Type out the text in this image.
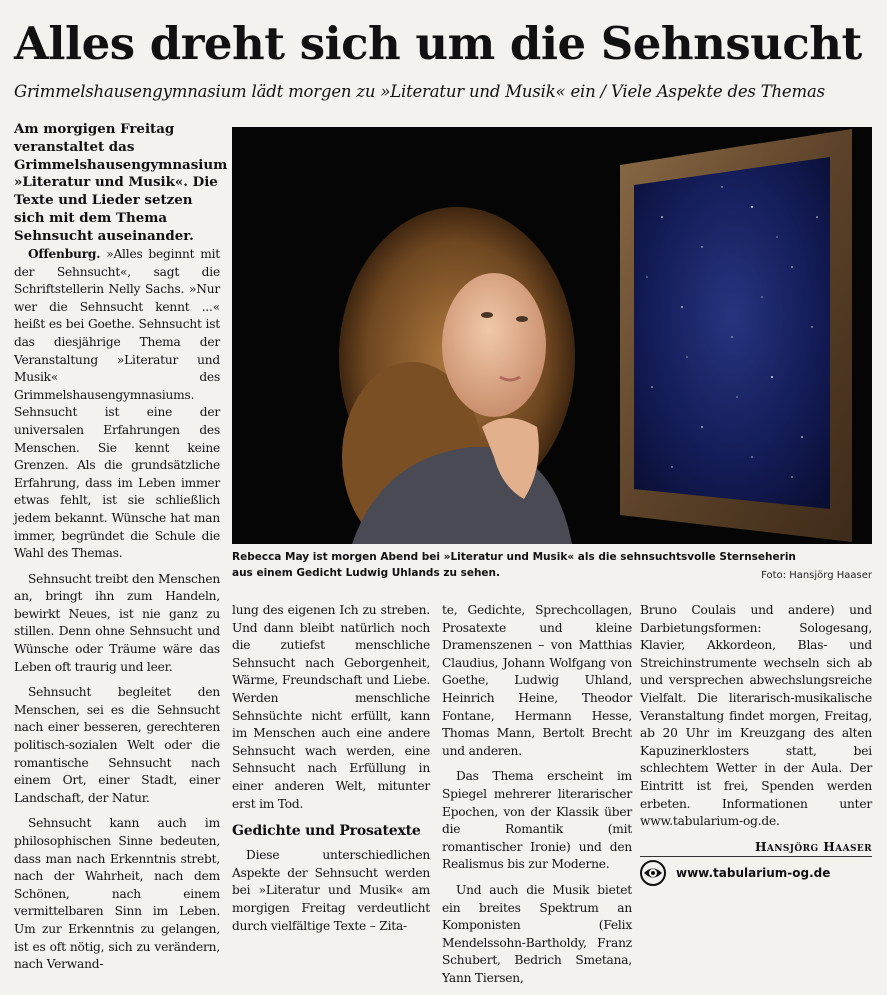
Alles dreht sich um die Sehnsucht
Grimmelshausengymnasium lädt morgen zu »Literatur und Musik« ein / Viele Aspekte des Themas
Am morgigen Freitag veranstaltet das Grimmelshausengymnasium »Literatur und Musik«. Die Texte und Lieder setzen sich mit dem Thema Sehnsucht auseinander.
Rebecca May ist morgen Abend bei »Literatur und Musik« als die sehnsuchtsvolle Sternseherin
aus einem Gedicht Ludwig Uhlands zu sehen.	Foto: Hansjörg Haaser

Offenburg. »Alles beginnt mit der Sehnsucht«, sagt die Schriftstellerin Nelly Sachs. »Nur wer die Sehnsucht kennt ...« heißt es bei Goethe. Sehnsucht ist das diesjährige Thema der Veranstaltung »Literatur und Musik« des Grimmelshausengymnasiums. Sehnsucht ist eine der universalen Erfahrungen des Menschen. Sie kennt keine Grenzen. Als die grundsätzliche Erfahrung, dass im Leben immer etwas fehlt, ist sie schließlich jedem bekannt. Wünsche hat man immer, begründet die Schule die Wahl des Themas.

Sehnsucht treibt den Menschen an, bringt ihn zum Handeln, bewirkt Neues, ist nie ganz zu stillen. Denn ohne Sehnsucht und Wünsche oder Träume wäre das Leben oft traurig und leer.

Sehnsucht begleitet den Menschen, sei es die Sehnsucht nach einer besseren, gerechteren politisch-sozialen Welt oder die romantische Sehnsucht nach einem Ort, einer Stadt, einer Landschaft, der Natur.

Sehnsucht kann auch im philosophischen Sinne bedeuten, dass man nach Erkenntnis strebt, nach der Wahrheit, nach dem Schönen, nach einem vermittelbaren Sinn im Leben. Um zur Erkenntnis zu gelangen, ist es oft nötig, sich zu verändern, nach Verwand-

lung des eigenen Ich zu streben. Und dann bleibt natürlich noch die zutiefst menschliche Sehnsucht nach Geborgenheit, Wärme, Freundschaft und Liebe. Werden menschliche Sehnsüchte nicht erfüllt, kann im Menschen auch eine andere Sehnsucht wach werden, eine Sehnsucht nach Erfüllung in einer anderen Welt, mitunter erst im Tod.

Gedichte und Prosatexte

Diese unterschiedlichen Aspekte der Sehnsucht werden bei »Literatur und Musik« am morgigen Freitag verdeutlicht durch vielfältige Texte – Zita-

te, Gedichte, Sprechcollagen, Prosatexte und kleine Dramenszenen – von Matthias Claudius, Johann Wolfgang von Goethe, Ludwig Uhland, Heinrich Heine, Theodor Fontane, Hermann Hesse, Thomas Mann, Bertolt Brecht und anderen.

Das Thema erscheint im Spiegel mehrerer literarischer Epochen, von der Klassik über die Romantik (mit romantischer Ironie) und den Realismus bis zur Moderne.

Und auch die Musik bietet ein breites Spektrum an Komponisten (Felix Mendelssohn-Bartholdy, Franz Schubert, Bedrich Smetana, Yann Tiersen,

Bruno Coulais und andere) und Darbietungsformen: Sologesang, Klavier, Akkordeon, Blas- und Streichinstrumente wechseln sich ab und versprechen abwechslungsreiche Vielfalt. Die literarisch-musikalische Veranstaltung findet morgen, Freitag, ab 20 Uhr im Kreuzgang des alten Kapuzinerklosters statt, bei schlechtem Wetter in der Aula. Der Eintritt ist frei, Spenden werden erbeten. Informationen unter www.tabularium-og.de.

Hansjörg Haaser
www.tabularium-og.de
